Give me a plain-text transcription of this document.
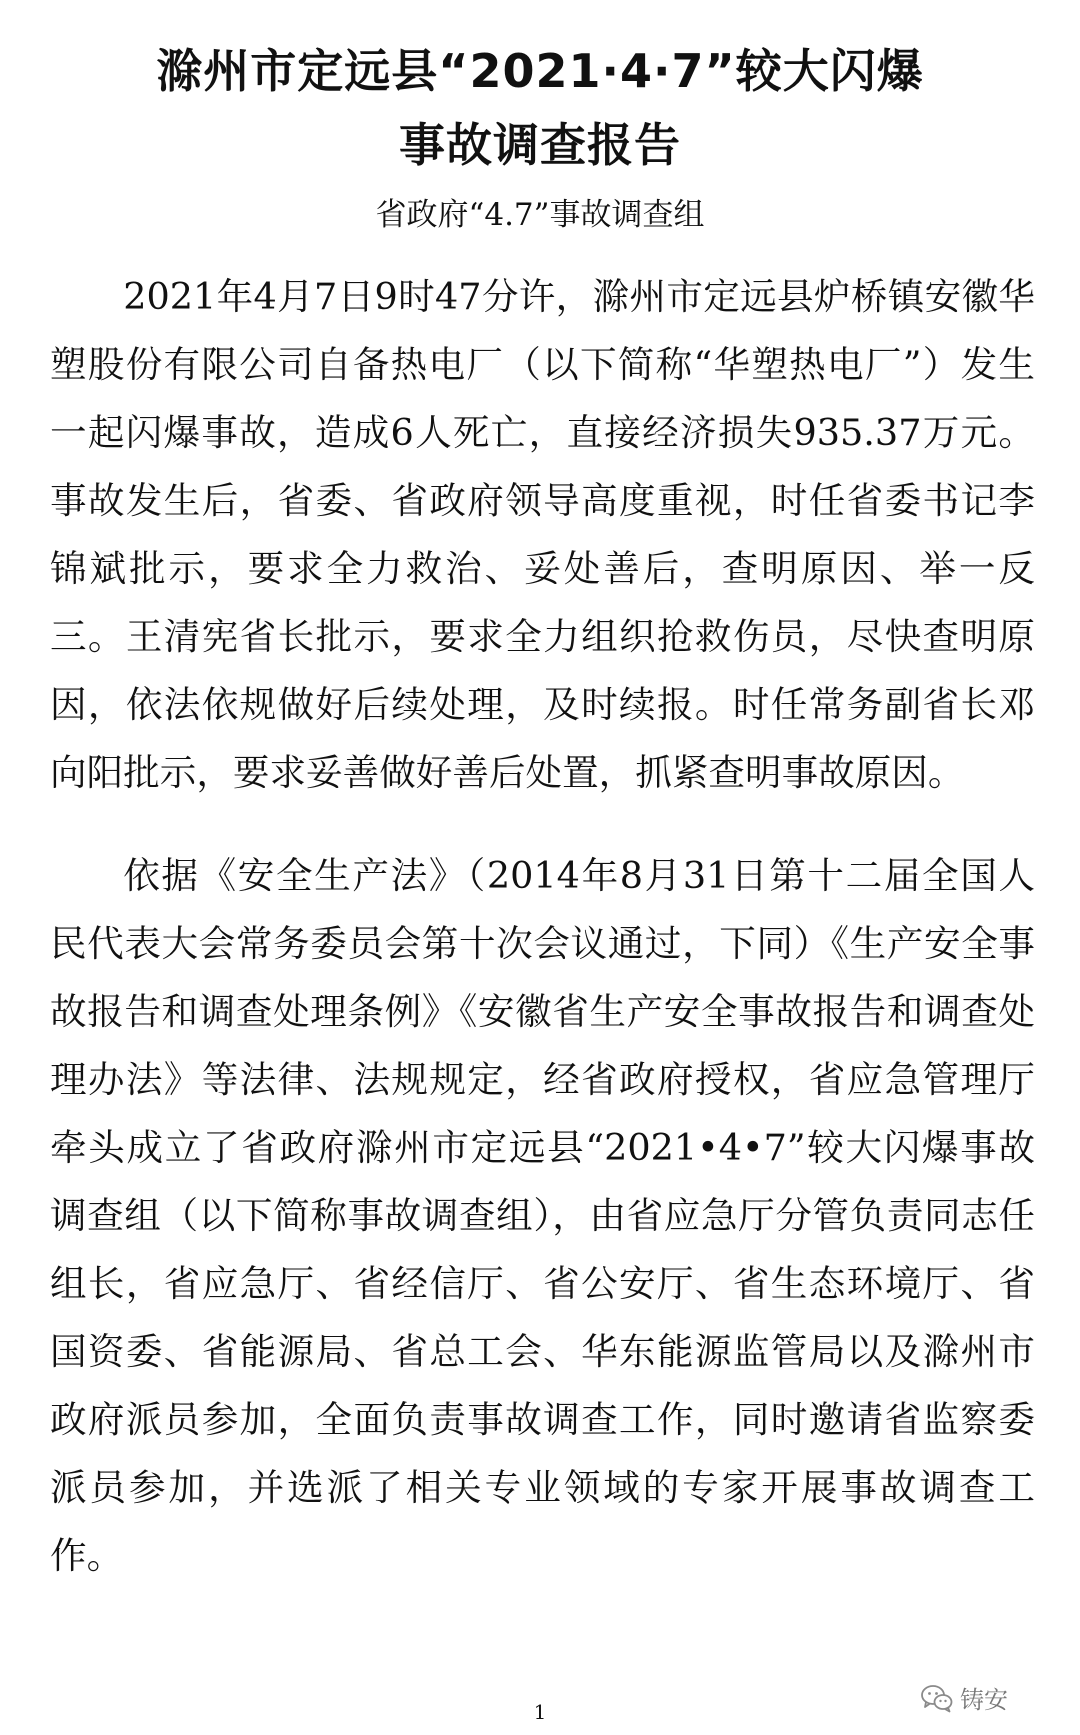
滁州市定远县“2021·4·7”较大闪爆
事故调查报告
省政府“4.7”事故调查组

2021年4月7日9时47分许，滁州市定远县炉桥镇安徽华塑股份有限公司自备热电厂（以下简称“华塑热电厂”）发生一起闪爆事故，造成6人死亡，直接经济损失935.37万元。事故发生后，省委、省政府领导高度重视，时任省委书记李锦斌批示，要求全力救治、妥处善后，查明原因、举一反三。王清宪省长批示，要求全力组织抢救伤员，尽快查明原因，依法依规做好后续处理，及时续报。时任常务副省长邓向阳批示，要求妥善做好善后处置，抓紧查明事故原因。

依据《安全生产法》（2014年8月31日第十二届全国人民代表大会常务委员会第十次会议通过，下同）《生产安全事故报告和调查处理条例》《安徽省生产安全事故报告和调查处理办法》等法律、法规规定，经省政府授权，省应急管理厅牵头成立了省政府滁州市定远县“2021•4•7”较大闪爆事故调查组（以下简称事故调查组），由省应急厅分管负责同志任组长，省应急厅、省经信厅、省公安厅、省生态环境厅、省国资委、省能源局、省总工会、华东能源监管局以及滁州市政府派员参加，全面负责事故调查工作，同时邀请省监察委派员参加，并选派了相关专业领域的专家开展事故调查工作。

1	铸安
